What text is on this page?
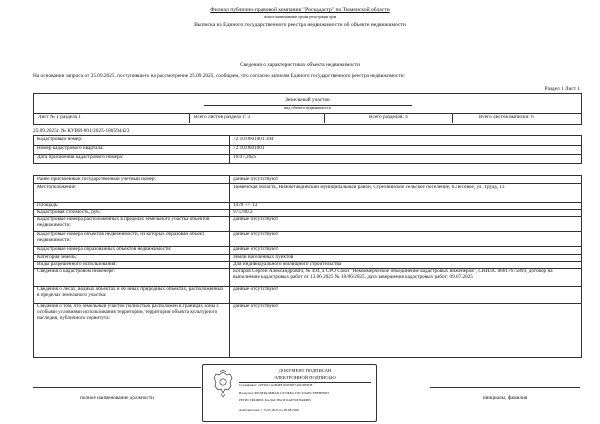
Филиал публично-правовой компании "Роскадастр" по Тюменской области
полное наименование органа регистрации прав
Выписка из Единого государственного реестра недвижимости об объекте недвижимости
Сведения о характеристиках объекта недвижимости
На основании запроса от 25.09.2025, поступившего на рассмотрение 25.09.2025, сообщаем, что согласно записям Единого государственного реестра недвижимости:
Раздел 1 Лист 1
Земельный участок
вид объекта недвижимости
Лист № 1 раздела 1	Всего листов раздела 1: 3	Всего разделов: 4	Всего листов выписки: 6
25.09.2025г. № КУВИ-001/2025-180594423
Кадастровый номер:	72:10:0601001:394
Номер кадастрового квартала:	72:10:0601001
Дата присвоения кадастрового номера:	10.07.2025
Ранее присвоенный государственный учетный номер:	данные отсутствуют
Местоположение:	Тюменская область, Нижнетавдинский муниципальный район, Стрехнинское сельское поселение, п.Лесовое, ул. Труда, 13
Площадь:	1478 +/- 13
Кадастровая стоимость, руб.:	975780.2
Кадастровые номера расположенных в пределах земельного участка объектов недвижимости:
данные отсутствуют
Кадастровые номера объектов недвижимости, из которых образован объект недвижимости:
данные отсутствуют
Кадастровые номера образованных объектов недвижимости:	данные отсутствуют
Категория земель:	Земли населенных пунктов
Виды разрешенного использования:	Для индивидуального жилищного строительства
Сведения о кадастровом инженере:	Богаров Сергей Александрович, № 494, а СРО Союз "Некоммерческое объединение кадастровых инженеров", СНИЛС 06617675893, договор на выполнение кадастровых работ от 13.06.2025 № 10/06/2025, дата завершения кадастровых работ: 09.07.2025
Сведения о лесах, водных объектах и об иных природных объектах, расположенных в пределах земельного участка:
данные отсутствуют
Сведения о том, что земельный участок полностью расположен в границах зоны с особыми условиями использования территории, территории объекта культурного наследия, публичного сервитута:
данные отсутствуют
полное наименование должности	инициалы, фамилия
ДОКУМЕНТ ПОДПИСАН
ЭЛЕКТРОННОЙ ПОДПИСЬЮ
Сертификат: 22F49C1A2B4F81D2D9E7A6C9B3D8
Владелец: ФЕДЕРАЛЬНАЯ СЛУЖБА ГОСУДАРСТВЕННОЙ
РЕГИСТРАЦИИ, КАДАСТРА И КАРТОГРАФИИ
Действителен: с 15.05.2025 по 08.08.2026
